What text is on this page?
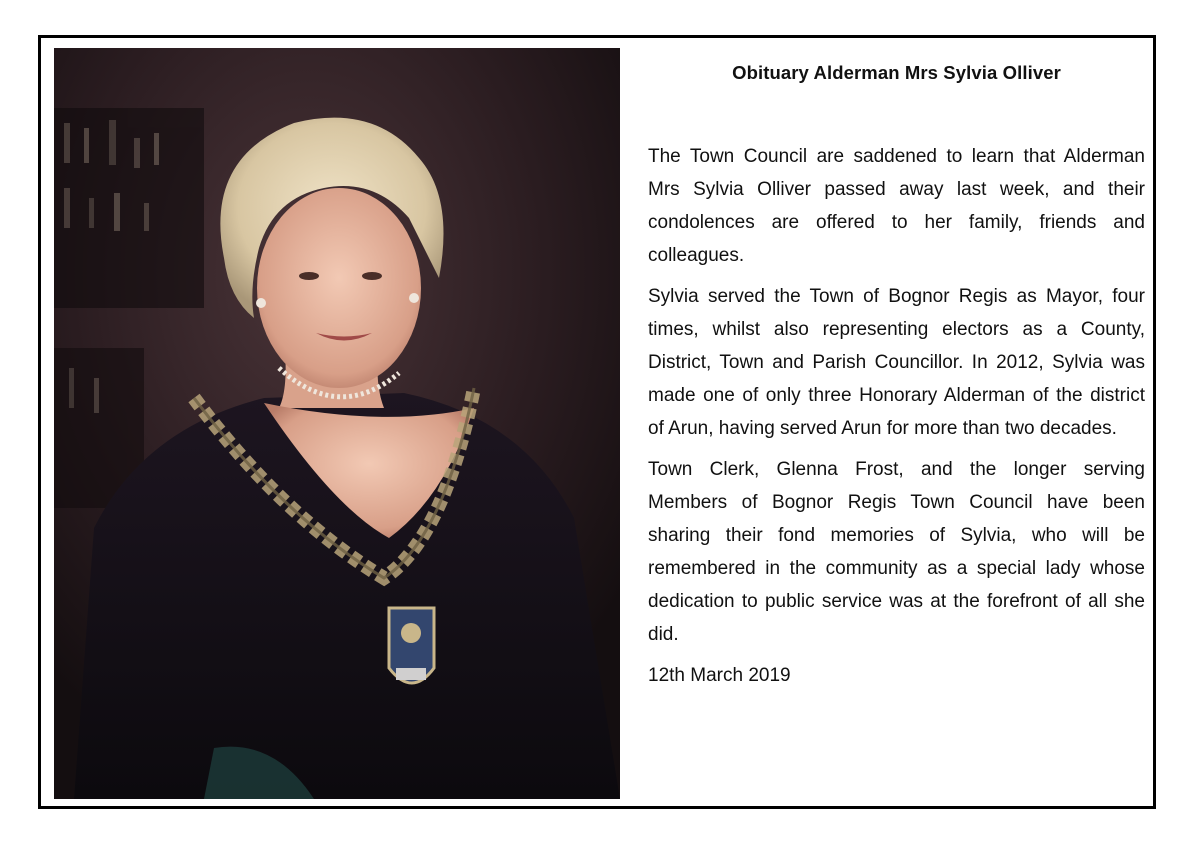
Obituary Alderman Mrs Sylvia Olliver

The Town Council are saddened to learn that Alderman Mrs Sylvia Olliver passed away last week, and their condolences are offered to her family, friends and colleagues.

Sylvia served the Town of Bognor Regis as Mayor, four times, whilst also representing electors as a County, District, Town and Parish Councillor. In 2012, Sylvia was made one of only three Honorary Alderman of the district of Arun, having served Arun for more than two decades.

Town Clerk, Glenna Frost, and the longer serving Members of Bognor Regis Town Council have been sharing their fond memories of Sylvia, who will be remembered in the community as a special lady whose dedication to public service was at the forefront of all she did.

12th March 2019
